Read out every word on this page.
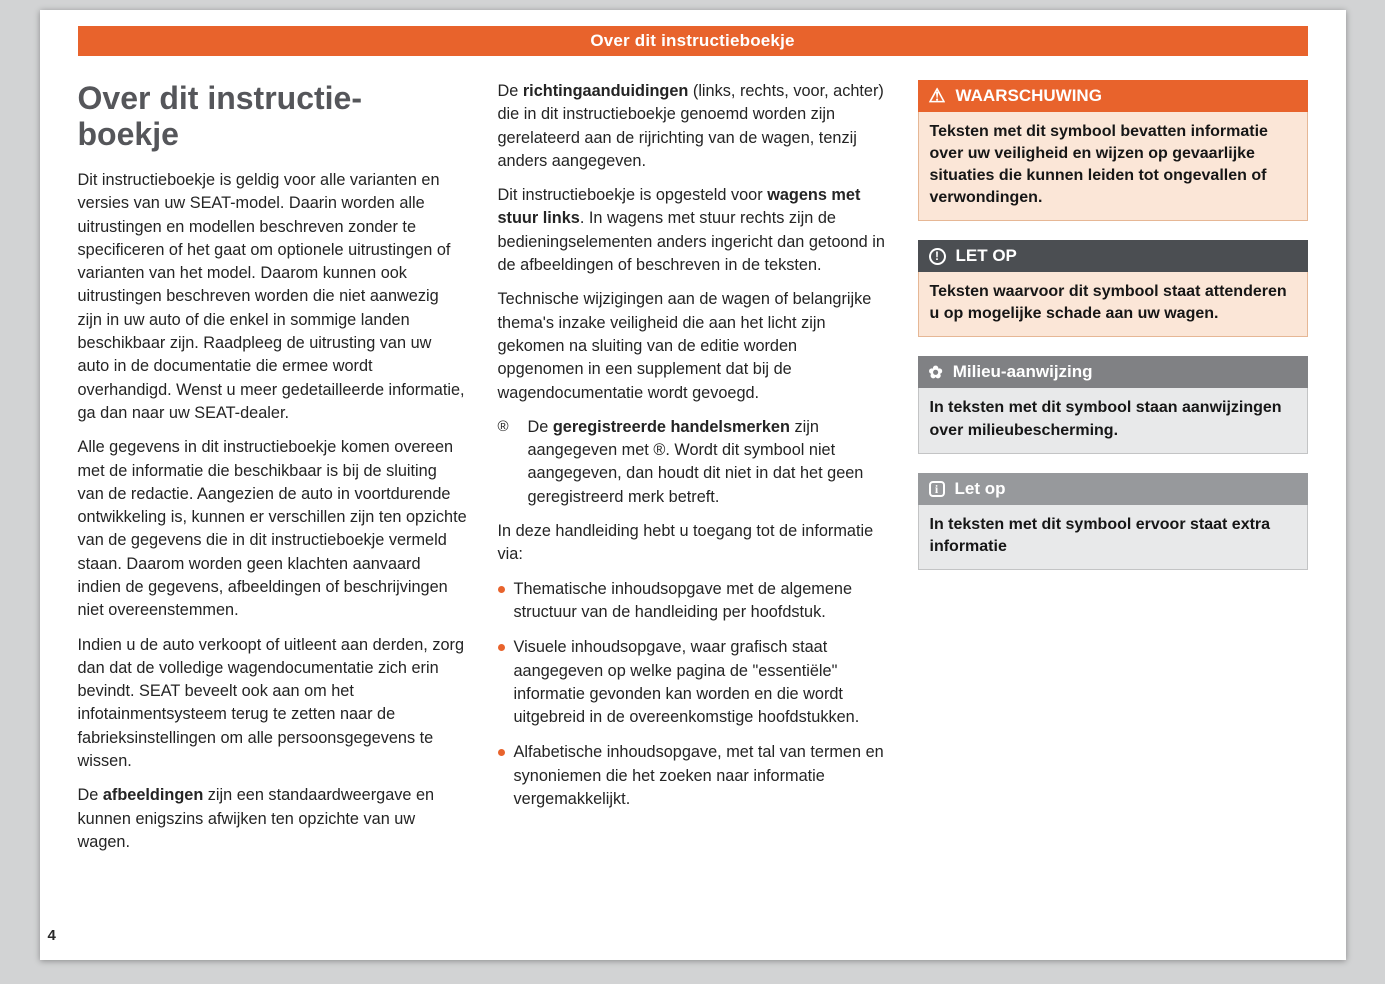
Over dit instructieboekje
Over dit instructie-
boekje

Dit instructieboekje is geldig voor alle varianten en versies van uw SEAT-model. Daarin worden alle uitrustingen en modellen beschreven zonder te specificeren of het gaat om optionele uitrustingen of varianten van het model. Daarom kunnen ook uitrustingen beschreven worden die niet aanwezig zijn in uw auto of die enkel in sommige landen beschikbaar zijn. Raadpleeg de uitrusting van uw auto in de documentatie die ermee wordt overhandigd. Wenst u meer gedetailleerde informatie, ga dan naar uw SEAT-dealer.

Alle gegevens in dit instructieboekje komen overeen met de informatie die beschikbaar is bij de sluiting van de redactie. Aangezien de auto in voortdurende ontwikkeling is, kunnen er verschillen zijn ten opzichte van de gegevens die in dit instructieboekje vermeld staan. Daarom worden geen klachten aanvaard indien de gegevens, afbeeldingen of beschrijvingen niet overeenstemmen.

Indien u de auto verkoopt of uitleent aan derden, zorg dan dat de volledige wagendocumentatie zich erin bevindt. SEAT beveelt ook aan om het infotainmentsysteem terug te zetten naar de fabrieksinstellingen om alle persoonsgegevens te wissen.

De afbeeldingen zijn een standaardweergave en kunnen enigszins afwijken ten opzichte van uw wagen.

De richtingaanduidingen (links, rechts, voor, achter) die in dit instructieboekje genoemd worden zijn gerelateerd aan de rijrichting van de wagen, tenzij anders aangegeven.

Dit instructieboekje is opgesteld voor wagens met stuur links. In wagens met stuur rechts zijn de bedieningselementen anders ingericht dan getoond in de afbeeldingen of beschreven in de teksten.

Technische wijzigingen aan de wagen of belangrijke thema's inzake veiligheid die aan het licht zijn gekomen na sluiting van de editie worden opgenomen in een supplement dat bij de wagendocumentatie wordt gevoegd.

®	De geregistreerde handelsmerken zijn aangegeven met ®. Wordt dit symbool niet aangegeven, dan houdt dit niet in dat het geen geregistreerd merk betreft.

In deze handleiding hebt u toegang tot de informatie via:

Thematische inhoudsopgave met de algemene structuur van de handleiding per hoofdstuk.

Visuele inhoudsopgave, waar grafisch staat aangegeven op welke pagina de "essentiële" informatie gevonden kan worden en die wordt uitgebreid in de overeenkomstige hoofdstukken.

Alfabetische inhoudsopgave, met tal van termen en synoniemen die het zoeken naar informatie vergemakkelijkt.

⚠ WAARSCHUWING
Teksten met dit symbool bevatten informatie over uw veiligheid en wijzen op gevaarlijke situaties die kunnen leiden tot ongevallen of verwondingen.
! LET OP
Teksten waarvoor dit symbool staat attenderen u op mogelijke schade aan uw wagen.
✿ Milieu-aanwijzing
In teksten met dit symbool staan aanwijzingen over milieubescherming.
i Let op
In teksten met dit symbool ervoor staat extra informatie
4
